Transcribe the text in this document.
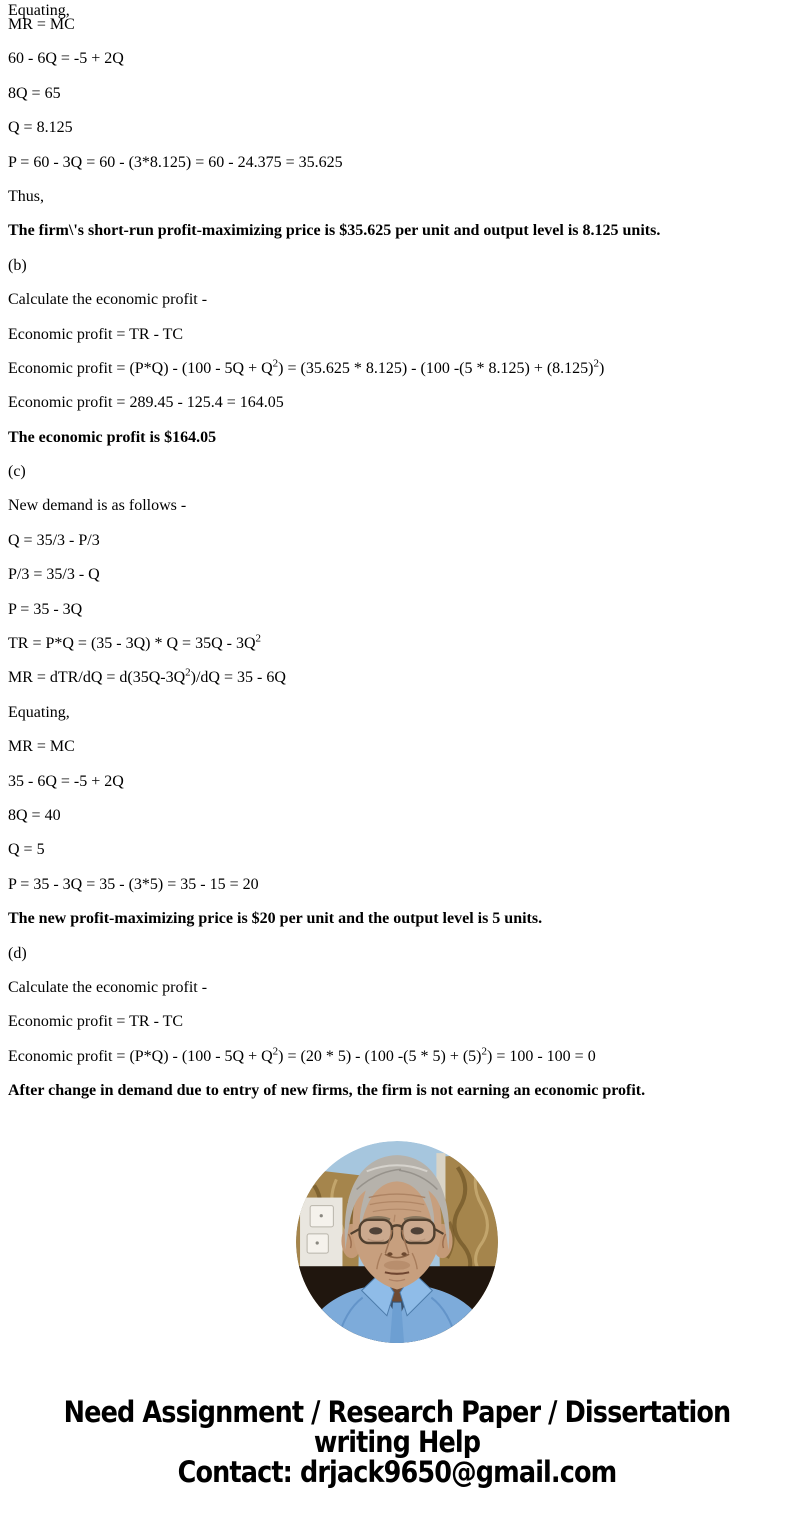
Equating,

MR = MC

60 - 6Q = -5 + 2Q

8Q = 65

Q = 8.125

P = 60 - 3Q = 60 - (3*8.125) = 60 - 24.375 = 35.625

Thus,

The firm\'s short-run profit-maximizing price is $35.625 per unit and output level is 8.125 units.

(b)

Calculate the economic profit -

Economic profit = TR - TC

Economic profit = $(P*Q) - (100 - 5Q + Q^2) = (35.625 * 8.125) - (100$ $-(5 * 8.125) + (8.125)^2$)

Economic profit = 289.45 - 125.4 = 164.05

The economic profit is $164.05

(c)

New demand is as follows -

Q = 35/3 - P/3

P/3 = 35/3 - Q

P = 35 - 3Q

TR = $P*Q = (35 - 3Q) * Q = 35Q - 3Q^2$

MR = $dTR/dQ = d(35Q-3Q^2)/dQ = 35 - 6Q$

Equating,

MR = MC

35 - 6Q = -5 + 2Q

8Q = 40

Q = 5

P = 35 - 3Q = 35 - (3*5) = 35 - 15 = 20

The new profit-maximizing price is $20 per unit and the output level is 5 units.

(d)

Calculate the economic profit -

Economic profit = TR - TC

Economic profit = $(P*Q) - (100 - 5Q + Q^2) = (20 * 5) - (100$ $-(5 * 5) + (5)^2) = 100 - 100 = 0$

After change in demand due to entry of new firms, the firm is not earning an economic profit.

Need Assignment / Research Paper / Dissertation
writing Help
Contact: drjack9650@gmail.com
